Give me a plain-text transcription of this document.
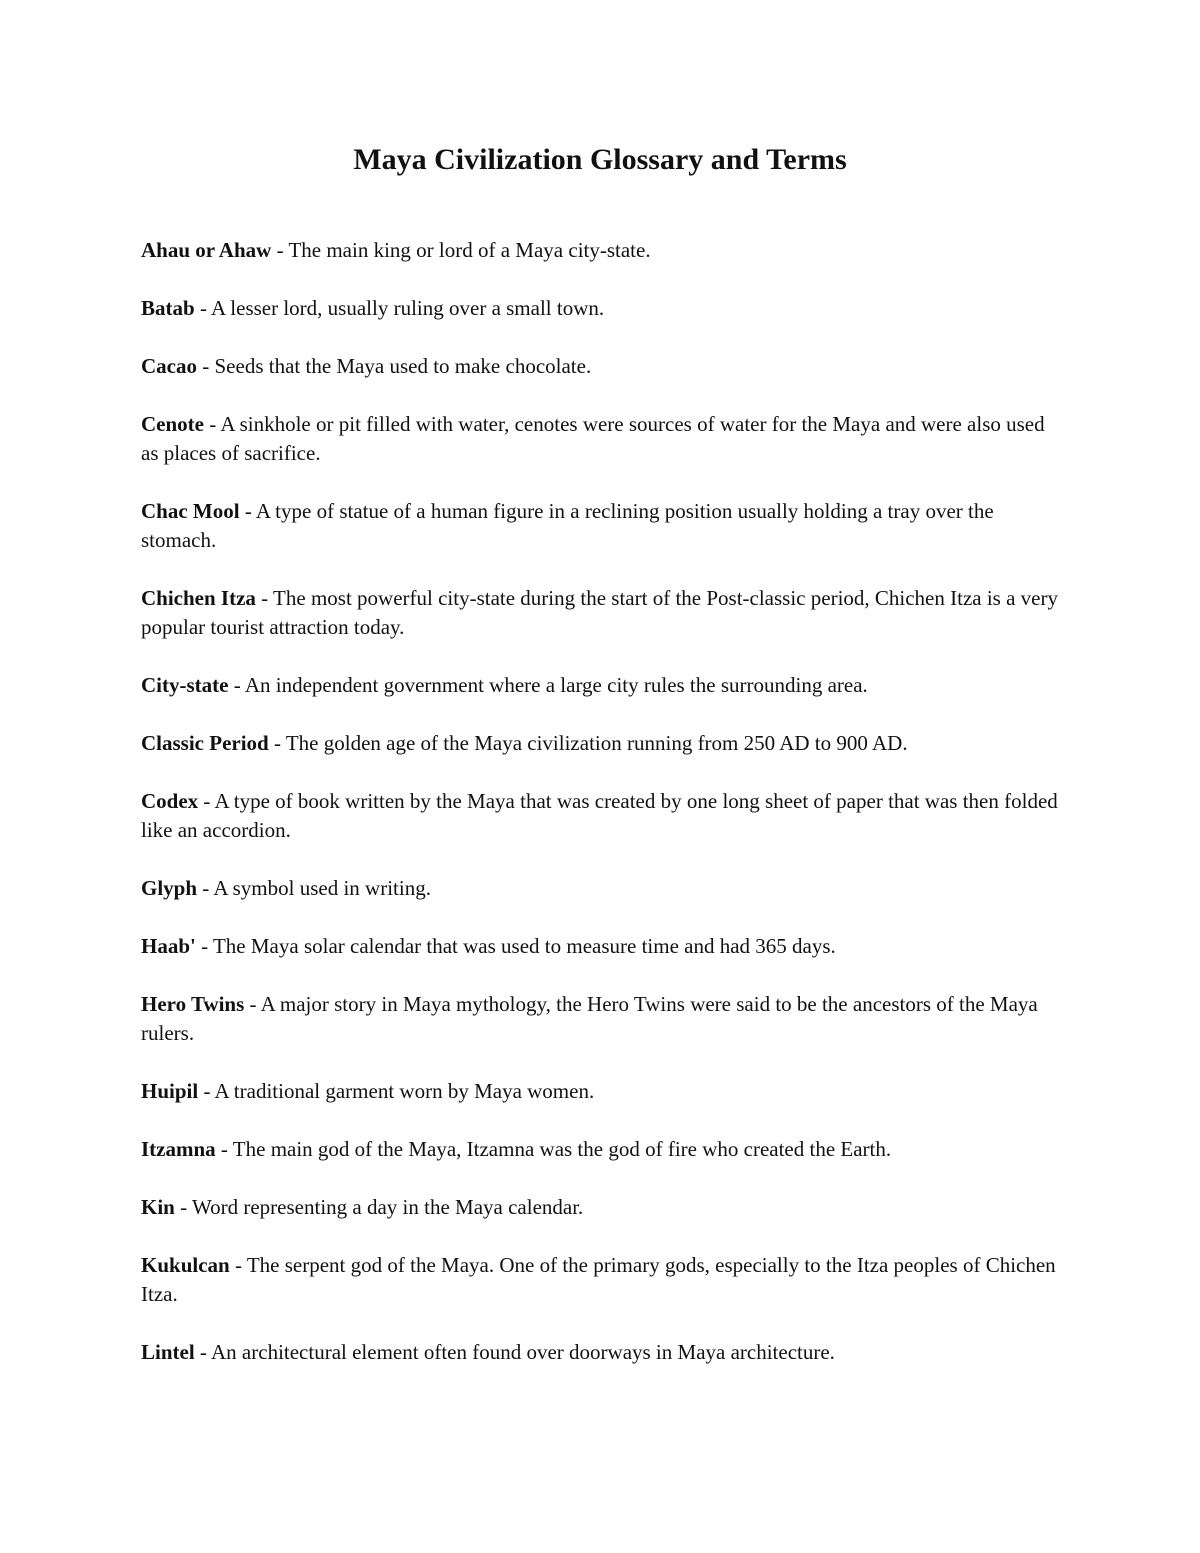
Maya Civilization Glossary and Terms
Ahau or Ahaw - The main king or lord of a Maya city-state.
Batab - A lesser lord, usually ruling over a small town.
Cacao - Seeds that the Maya used to make chocolate.
Cenote - A sinkhole or pit filled with water, cenotes were sources of water for the Maya and were also used as places of sacrifice.
Chac Mool - A type of statue of a human figure in a reclining position usually holding a tray over the stomach.
Chichen Itza - The most powerful city-state during the start of the Post-classic period, Chichen Itza is a very popular tourist attraction today.
City-state - An independent government where a large city rules the surrounding area.
Classic Period - The golden age of the Maya civilization running from 250 AD to 900 AD.
Codex - A type of book written by the Maya that was created by one long sheet of paper that was then folded like an accordion.
Glyph - A symbol used in writing.
Haab' - The Maya solar calendar that was used to measure time and had 365 days.
Hero Twins - A major story in Maya mythology, the Hero Twins were said to be the ancestors of the Maya rulers.
Huipil - A traditional garment worn by Maya women.
Itzamna - The main god of the Maya, Itzamna was the god of fire who created the Earth.
Kin - Word representing a day in the Maya calendar.
Kukulcan - The serpent god of the Maya. One of the primary gods, especially to the Itza peoples of Chichen Itza.
Lintel - An architectural element often found over doorways in Maya architecture.
